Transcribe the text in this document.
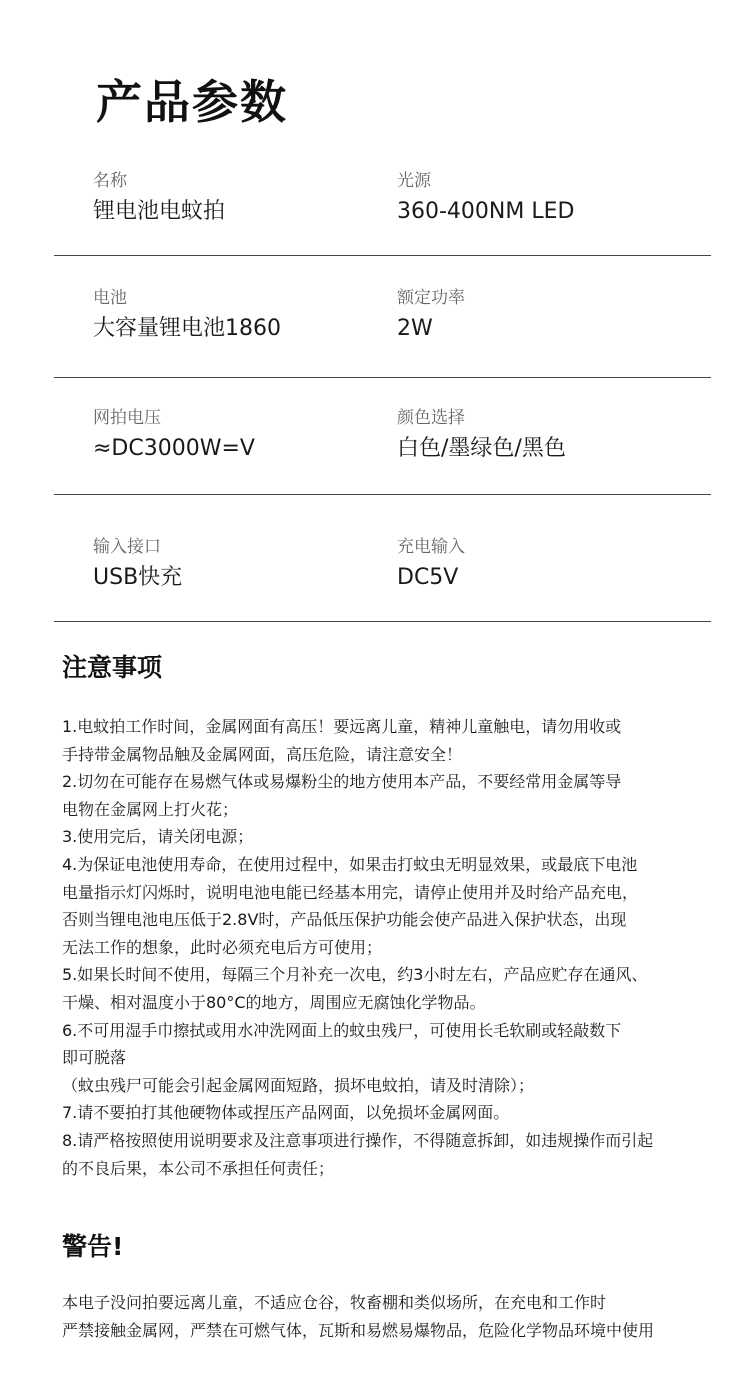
产品参数
名称
锂电池电蚊拍
光源
360-400NM LED
电池
大容量锂电池1860
额定功率
2W
网拍电压
≈DC3000W=V
颜色选择
白色/墨绿色/黑色
输入接口
USB快充
充电输入
DC5V
注意事项
1.电蚊拍工作时间，金属网面有高压！要远离儿童，精神儿童触电，请勿用收或
手持带金属物品触及金属网面，高压危险，请注意安全！
2.切勿在可能存在易燃气体或易爆粉尘的地方使用本产品，不要经常用金属等导
电物在金属网上打火花；
3.使用完后，请关闭电源；
4.为保证电池使用寿命，在使用过程中，如果击打蚊虫无明显效果，或最底下电池
电量指示灯闪烁时，说明电池电能已经基本用完，请停止使用并及时给产品充电，
否则当锂电池电压低于2.8V时，产品低压保护功能会使产品进入保护状态，出现
无法工作的想象，此时必须充电后方可使用；
5.如果长时间不使用，每隔三个月补充一次电，约3小时左右，产品应贮存在通风、
干燥、相对温度小于80°C的地方，周围应无腐蚀化学物品。
6.不可用湿手巾擦拭或用水冲洗网面上的蚊虫残尸，可使用长毛软刷或轻敲数下
即可脱落
（蚊虫残尸可能会引起金属网面短路，损坏电蚊拍，请及时清除）；
7.请不要拍打其他硬物体或捏压产品网面，以免损坏金属网面。
8.请严格按照使用说明要求及注意事项进行操作，不得随意拆卸，如违规操作而引起
的不良后果，本公司不承担任何责任；
警告!
本电子没问拍要远离儿童，不适应仓谷，牧畜棚和类似场所，在充电和工作时
严禁接触金属网，严禁在可燃气体，瓦斯和易燃易爆物品，危险化学物品环境中使用
